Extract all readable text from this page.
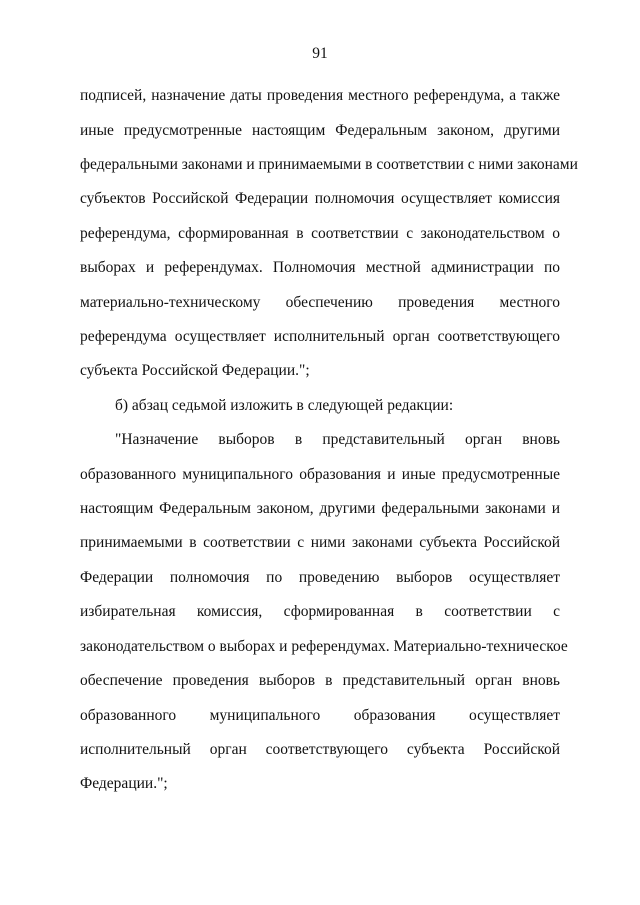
91
подписей, назначение даты проведения местного референдума, а также
иные предусмотренные настоящим Федеральным законом, другими
федеральными законами и принимаемыми в соответствии с ними законами
субъектов Российской Федерации полномочия осуществляет комиссия
референдума, сформированная в соответствии с законодательством о
выборах и референдумах. Полномочия местной администрации по
материально-техническому обеспечению проведения местного
референдума осуществляет исполнительный орган соответствующего
субъекта Российской Федерации.";
б) абзац седьмой изложить в следующей редакции:
"Назначение выборов в представительный орган вновь
образованного муниципального образования и иные предусмотренные
настоящим Федеральным законом, другими федеральными законами и
принимаемыми в соответствии с ними законами субъекта Российской
Федерации полномочия по проведению выборов осуществляет
избирательная комиссия, сформированная в соответствии с
законодательством о выборах и референдумах. Материально-техническое
обеспечение проведения выборов в представительный орган вновь
образованного муниципального образования осуществляет
исполнительный орган соответствующего субъекта Российской
Федерации.";
